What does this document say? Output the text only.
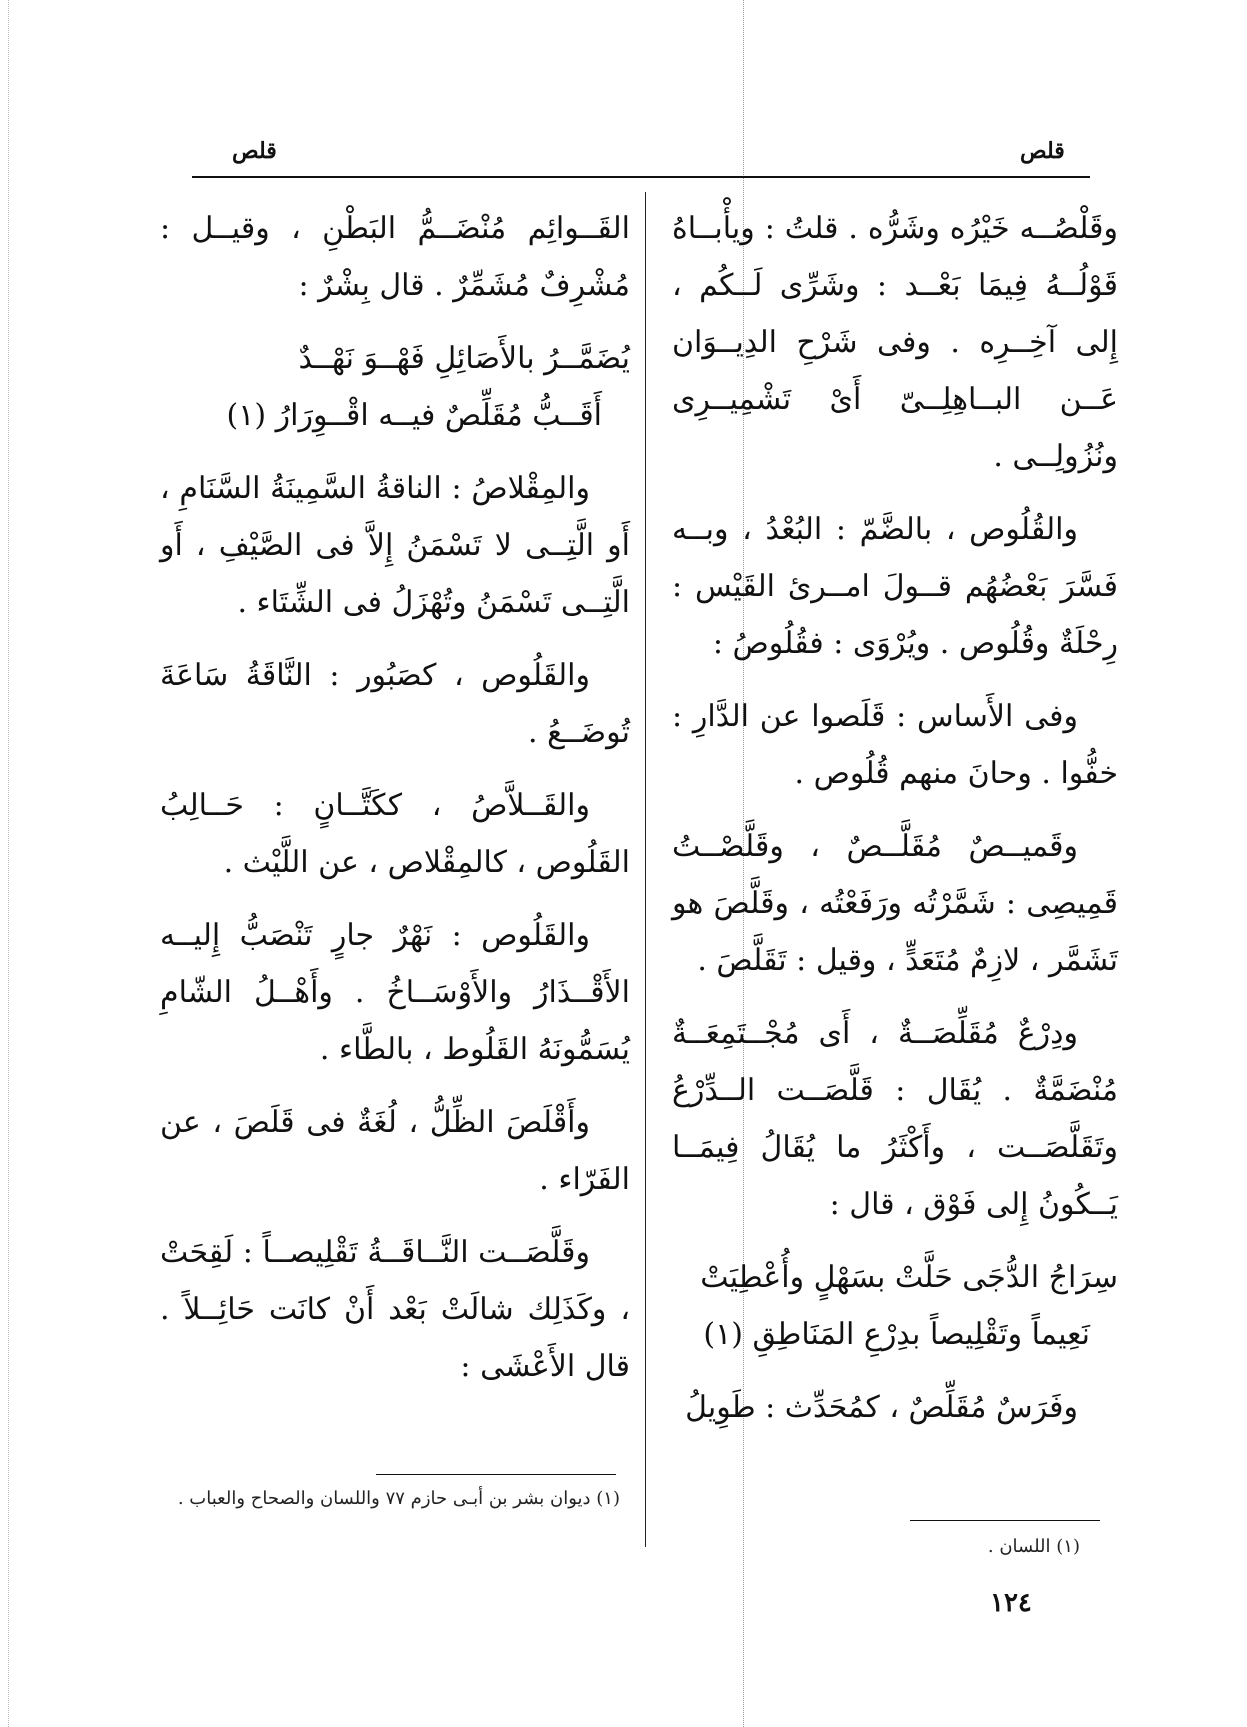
قلص
قلص

وقَلْصُــه خَيْرُه وشَرُّه . قلتُ : ويأْبــاهُ قَوْلُــهُ فِيمَا بَعْــد : وشَرِّى لَــكُم ، إِلى آخِــرِه . وفى شَرْحِ الدِيــوَان عَــن البــاهِلِــىّ أَىْ تَشْمِيــرِى ونُزُولِــى .

والقُلُوص ، بالضَّمّ : البُعْدُ ، وبــه فَسَّرَ بَعْضُهُم قــولَ امــرئ القَيْس : رِحْلَةٌ وقُلُوص . ويُرْوَى : فقُلُوصُ :

وفى الأَساس : قَلَصوا عن الدَّارِ : خفُّوا . وحانَ منهم قُلُوص .

وقَميــصٌ مُقَلَّــصٌ ، وقَلَّصْــتُ قَمِيصِى : شَمَّرْتُه ورَفَعْتُه ، وقَلَّصَ هو تَشَمَّر ، لازِمٌ مُتَعَدٍّ ، وقيل : تَقَلَّصَ .

ودِرْعٌ مُقَلِّصَــةٌ ، أَى مُجْــتَمِعَــةٌ مُنْضَمَّةٌ . يُقَال : قَلَّصَــت الــدِّرْعُ وتَقَلَّصَــت ، وأَكْثَرُ ما يُقَالُ فِيمَــا يَــكُونُ إِلى فَوْق ، قال :

سِرَاجُ الدُّجَى حَلَّتْ بسَهْلٍ وأُعْطِيَتْ
نَعِيماً وتَقْلِيصاً بدِرْعِ المَنَاطِقِ (١)

وفَرَسٌ مُقَلِّصٌ ، كمُحَدِّث : طَوِيلُ

القَــوائِم مُنْضَــمُّ البَطْنِ ، وقيــل : مُشْرِفٌ مُشَمِّرٌ . قال بِشْرٌ :

يُضَمَّــرُ بالأَصَائِلِ فَهْــوَ نَهْــدٌ
أَقَــبُّ مُقَلِّصٌ فيــه اقْــوِرَارُ (١)

والمِقْلاصُ : الناقةُ السَّمِينَةُ السَّنَامِ ، أَو الَّتِــى لا تَسْمَنُ إِلاَّ فى الصَّيْفِ ، أَو الَّتِــى تَسْمَنُ وتُهْزَلُ فى الشِّتَاء .

والقَلُوص ، كصَبُور : النَّاقَةُ سَاعَةَ تُوضَــعُ .

والقَــلاَّصُ ، ككَتَّــانٍ : حَــالِبُ القَلُوص ، كالمِقْلاص ، عن اللَّيْث .

والقَلُوص : نَهْرٌ جارٍ تَنْصَبُّ إِليــه الأَقْــذَارُ والأَوْسَــاخُ . وأَهْــلُ الشّامِ يُسَمُّونَهُ القَلُوط ، بالطَّاء .

وأَقْلَصَ الظِّلُّ ، لُغَةٌ فى قَلَصَ ، عن الفَرّاء .

وقَلَّصَــت النَّــاقَــةُ تَقْلِيصــاً : لَقِحَتْ ، وكَذَلِك شالَتْ بَعْد أَنْ كانَت حَائِــلاً . قال الأَعْشَى :

(١) ديوان بشر بن أبـى حازم ٧٧ واللسان والصحاح والعباب .
(١) اللسان .
١٢٤
